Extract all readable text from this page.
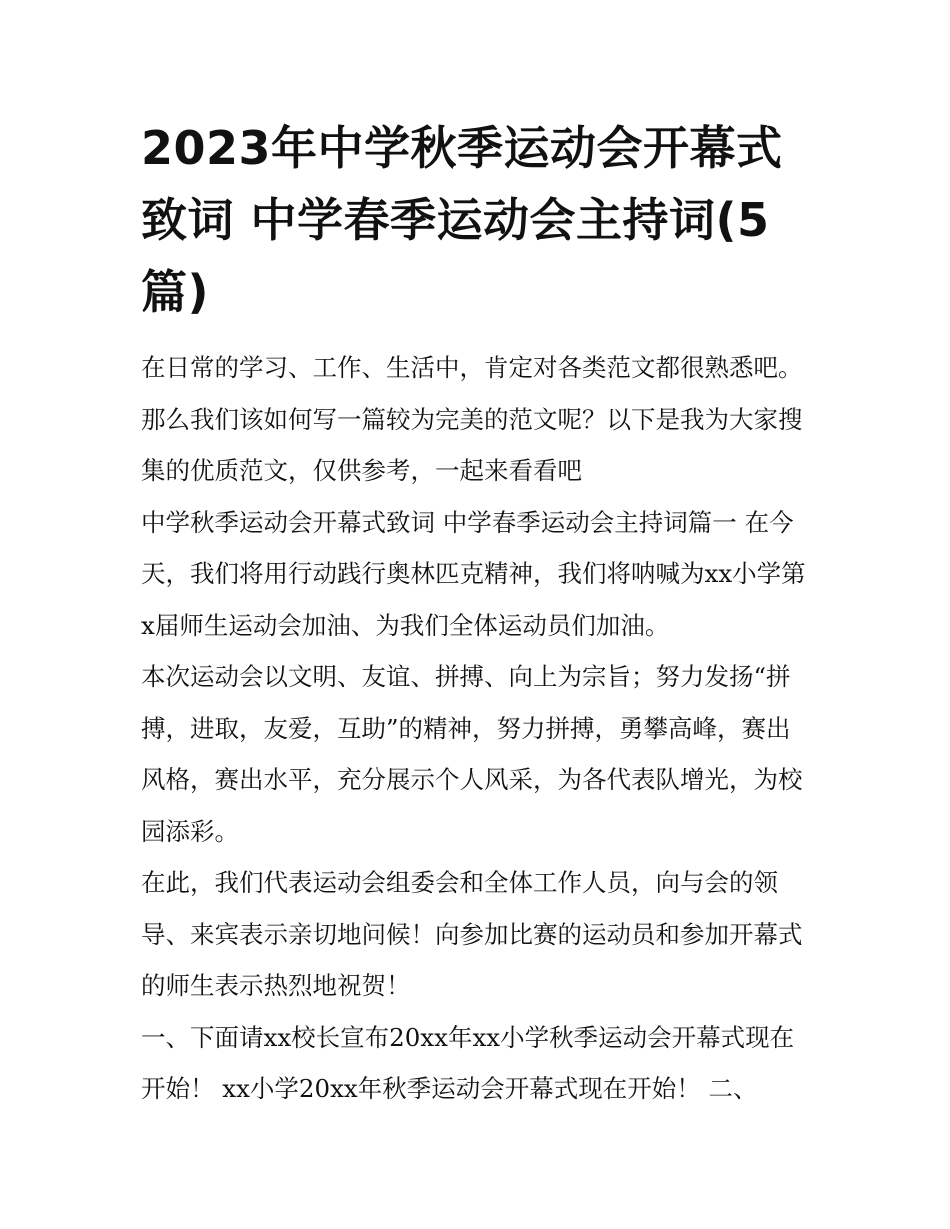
2023年中学秋季运动会开幕式致词 中学春季运动会主持词(5篇)

在日常的学习、工作、生活中，肯定对各类范文都很熟悉吧。那么我们该如何写一篇较为完美的范文呢？以下是我为大家搜集的优质范文，仅供参考，一起来看看吧

中学秋季运动会开幕式致词 中学春季运动会主持词篇一 在今天，我们将用行动践行奥林匹克精神，我们将呐喊为xx小学第x届师生运动会加油、为我们全体运动员们加油。

本次运动会以文明、友谊、拼搏、向上为宗旨；努力发扬“拼搏，进取，友爱，互助”的精神，努力拼搏，勇攀高峰，赛出风格，赛出水平，充分展示个人风采，为各代表队增光，为校园添彩。

在此，我们代表运动会组委会和全体工作人员，向与会的领导、来宾表示亲切地问候！向参加比赛的运动员和参加开幕式的师生表示热烈地祝贺！

一、下面请xx校长宣布20xx年xx小学秋季运动会开幕式现在开始！ xx小学20xx年秋季运动会开幕式现在开始！ 二、
